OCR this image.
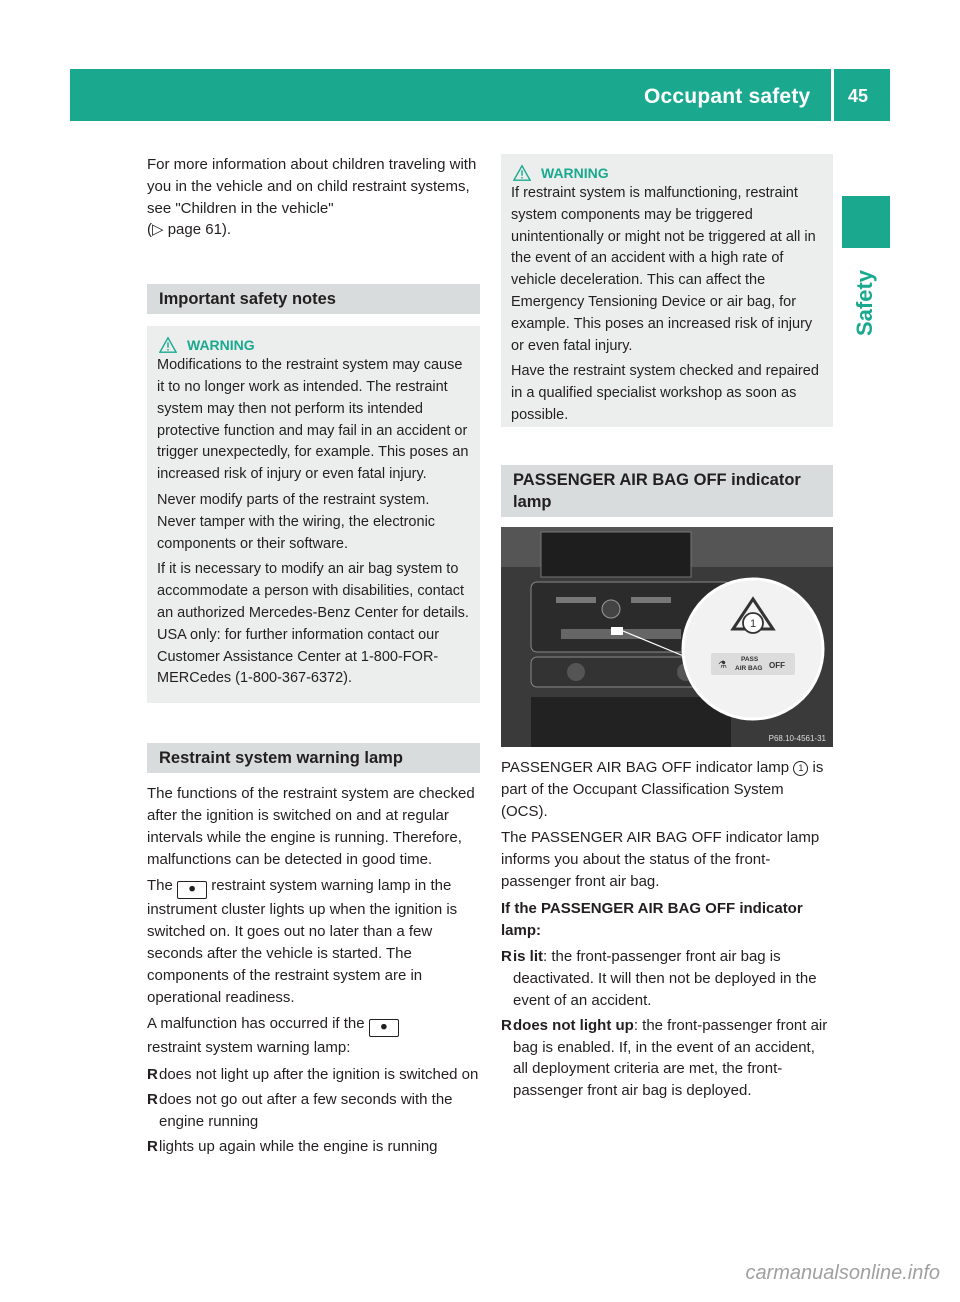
Occupant safety 45
Safety

For more information about children traveling with you in the vehicle and on child restraint systems, see "Children in the vehicle"
(▷ page 61).

Important safety notes
WARNING

Modifications to the restraint system may cause it to no longer work as intended. The restraint system may then not perform its intended protective function and may fail in an accident or trigger unexpectedly, for example. This poses an increased risk of injury or even fatal injury.

Never modify parts of the restraint system. Never tamper with the wiring, the electronic components or their software.

If it is necessary to modify an air bag system to accommodate a person with disabilities, contact an authorized Mercedes-Benz Center for details. USA only: for further information contact our Customer Assistance Center at 1-800-FOR-MERCedes (1-800-367-6372).

Restraint system warning lamp

The functions of the restraint system are checked after the ignition is switched on and at regular intervals while the engine is running. Therefore, malfunctions can be detected in good time.

The ⚫ restraint system warning lamp in the instrument cluster lights up when the ignition is switched on. It goes out no later than a few seconds after the vehicle is started. The components of the restraint system are in operational readiness.

A malfunction has occurred if the ⚫
restraint system warning lamp:

R does not light up after the ignition is switched on
R does not go out after a few seconds with the engine running
R lights up again while the engine is running
WARNING

If restraint system is malfunctioning, restraint system components may be triggered unintentionally or might not be triggered at all in the event of an accident with a high rate of vehicle deceleration. This can affect the Emergency Tensioning Device or air bag, for example. This poses an increased risk of injury or even fatal injury.

Have the restraint system checked and repaired in a qualified specialist workshop as soon as possible.

PASSENGER AIR BAG OFF indicator lamp
1
⚗
PASS
AIR BAG OFF
P68.10-4561-31

PASSENGER AIR BAG OFF indicator lamp 1 is part of the Occupant Classification System (OCS).

The PASSENGER AIR BAG OFF indicator lamp informs you about the status of the front-passenger front air bag.

If the PASSENGER AIR BAG OFF indicator lamp:

R is lit: the front-passenger front air bag is deactivated. It will then not be deployed in the event of an accident.
R does not light up: the front-passenger front air bag is enabled. If, in the event of an accident, all deployment criteria are met, the front-passenger front air bag is deployed.
carmanualsonline.info
